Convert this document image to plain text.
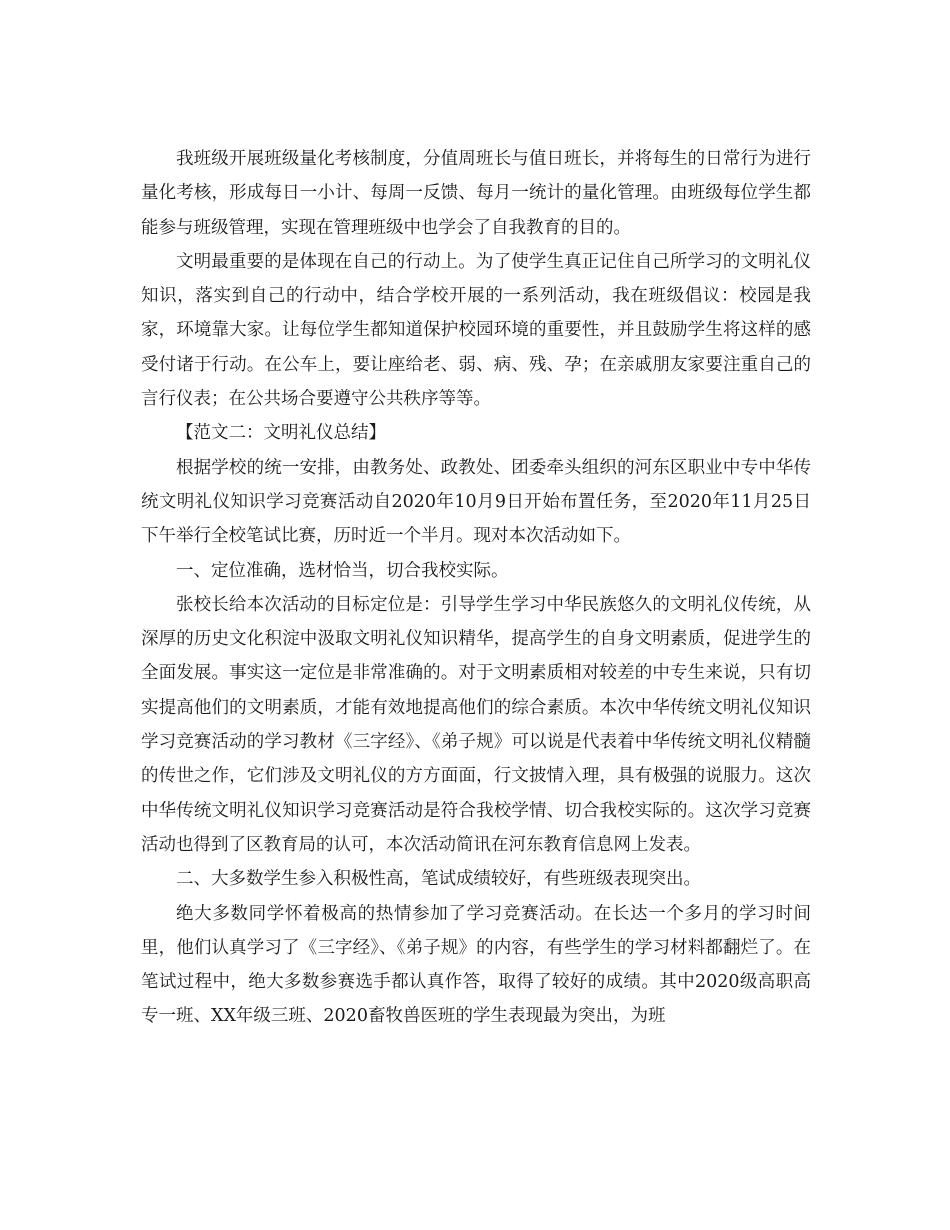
我班级开展班级量化考核制度，分值周班长与值日班长，并将每生的日常行为进行量化考核，形成每日一小计、每周一反馈、每月一统计的量化管理。由班级每位学生都能参与班级管理，实现在管理班级中也学会了自我教育的目的。

文明最重要的是体现在自己的行动上。为了使学生真正记住自己所学习的文明礼仪知识，落实到自己的行动中，结合学校开展的一系列活动，我在班级倡议：校园是我家，环境靠大家。让每位学生都知道保护校园环境的重要性，并且鼓励学生将这样的感受付诸于行动。在公车上，要让座给老、弱、病、残、孕；在亲戚朋友家要注重自己的言行仪表；在公共场合要遵守公共秩序等等。

【范文二：文明礼仪总结】

根据学校的统一安排，由教务处、政教处、团委牵头组织的河东区职业中专中华传统文明礼仪知识学习竞赛活动自2020年10月9日开始布置任务，至2020年11月25日下午举行全校笔试比赛，历时近一个半月。现对本次活动如下。

一、定位准确，选材恰当，切合我校实际。

张校长给本次活动的目标定位是：引导学生学习中华民族悠久的文明礼仪传统，从深厚的历史文化积淀中汲取文明礼仪知识精华，提高学生的自身文明素质，促进学生的全面发展。事实这一定位是非常准确的。对于文明素质相对较差的中专生来说，只有切实提高他们的文明素质，才能有效地提高他们的综合素质。本次中华传统文明礼仪知识学习竞赛活动的学习教材《三字经》、《弟子规》可以说是代表着中华传统文明礼仪精髓的传世之作，它们涉及文明礼仪的方方面面，行文披情入理，具有极强的说服力。这次中华传统文明礼仪知识学习竞赛活动是符合我校学情、切合我校实际的。这次学习竞赛活动也得到了区教育局的认可，本次活动简讯在河东教育信息网上发表。

二、大多数学生参入积极性高，笔试成绩较好，有些班级表现突出。

绝大多数同学怀着极高的热情参加了学习竞赛活动。在长达一个多月的学习时间里，他们认真学习了《三字经》、《弟子规》的内容，有些学生的学习材料都翻烂了。在笔试过程中，绝大多数参赛选手都认真作答，取得了较好的成绩。其中2020级高职高专一班、XX年级三班、2020畜牧兽医班的学生表现最为突出，为班
